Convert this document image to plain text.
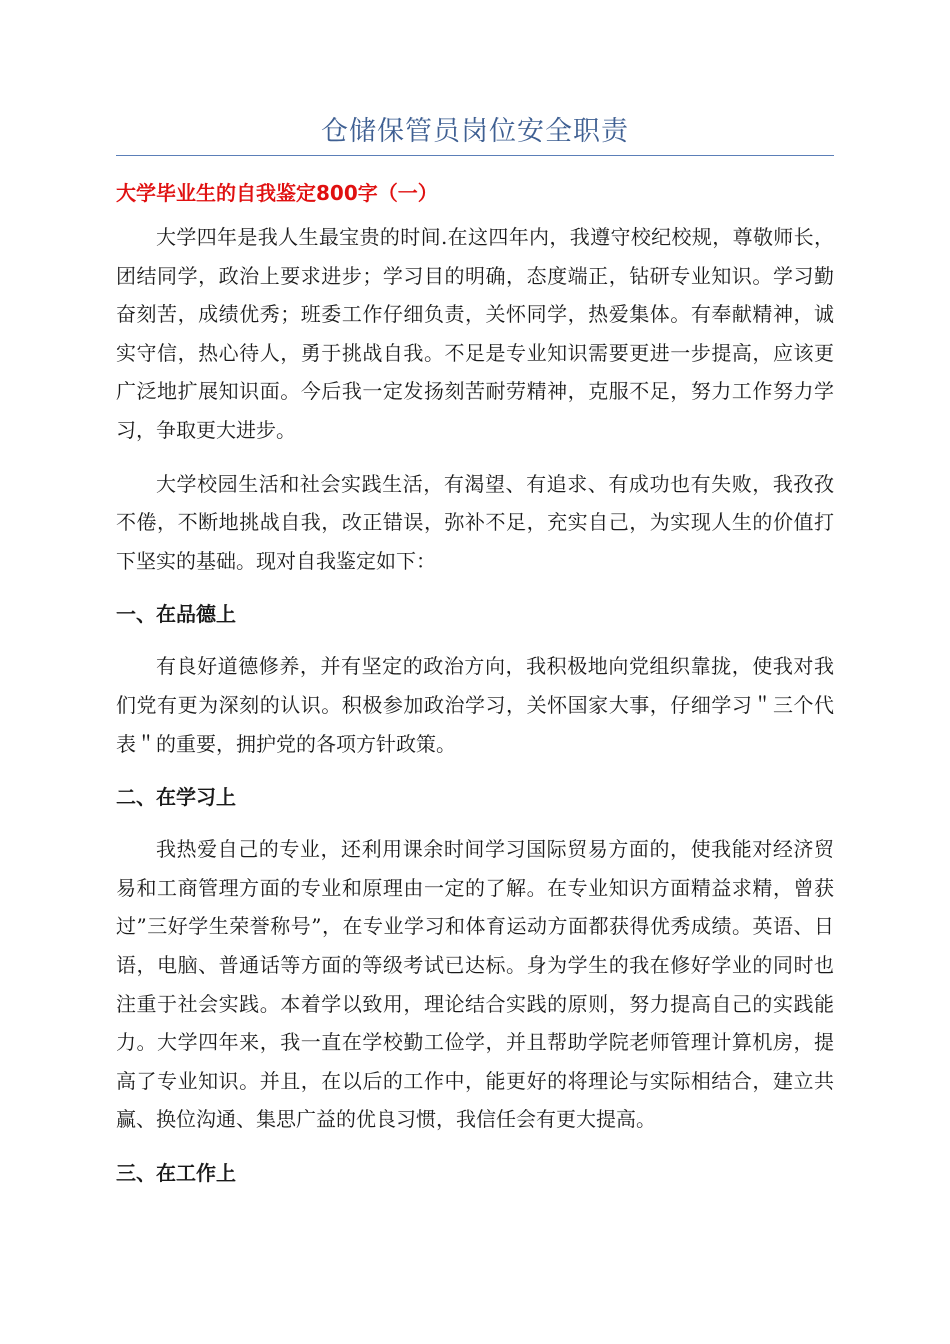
仓储保管员岗位安全职责
大学毕业生的自我鉴定800字（一）

大学四年是我人生最宝贵的时间.在这四年内，我遵守校纪校规，尊敬师长，团结同学，政治上要求进步；学习目的明确，态度端正，钻研专业知识。学习勤奋刻苦，成绩优秀；班委工作仔细负责，关怀同学，热爱集体。有奉献精神，诚实守信，热心待人，勇于挑战自我。不足是专业知识需要更进一步提高，应该更广泛地扩展知识面。今后我一定发扬刻苦耐劳精神，克服不足，努力工作努力学习，争取更大进步。

大学校园生活和社会实践生活，有渴望、有追求、有成功也有失败，我孜孜不倦，不断地挑战自我，改正错误，弥补不足，充实自己，为实现人生的价值打下坚实的基础。现对自我鉴定如下：

一、在品德上

有良好道德修养，并有坚定的政治方向，我积极地向党组织靠拢，使我对我们党有更为深刻的认识。积极参加政治学习，关怀国家大事，仔细学习＂三个代表＂的重要，拥护党的各项方针政策。

二、在学习上

我热爱自己的专业，还利用课余时间学习国际贸易方面的，使我能对经济贸易和工商管理方面的专业和原理由一定的了解。在专业知识方面精益求精，曾获过”三好学生荣誉称号”，在专业学习和体育运动方面都获得优秀成绩。英语、日语，电脑、普通话等方面的等级考试已达标。身为学生的我在修好学业的同时也注重于社会实践。本着学以致用，理论结合实践的原则，努力提高自己的实践能力。大学四年来，我一直在学校勤工俭学，并且帮助学院老师管理计算机房，提高了专业知识。并且，在以后的工作中，能更好的将理论与实际相结合，建立共赢、换位沟通、集思广益的优良习惯，我信任会有更大提高。

三、在工作上
